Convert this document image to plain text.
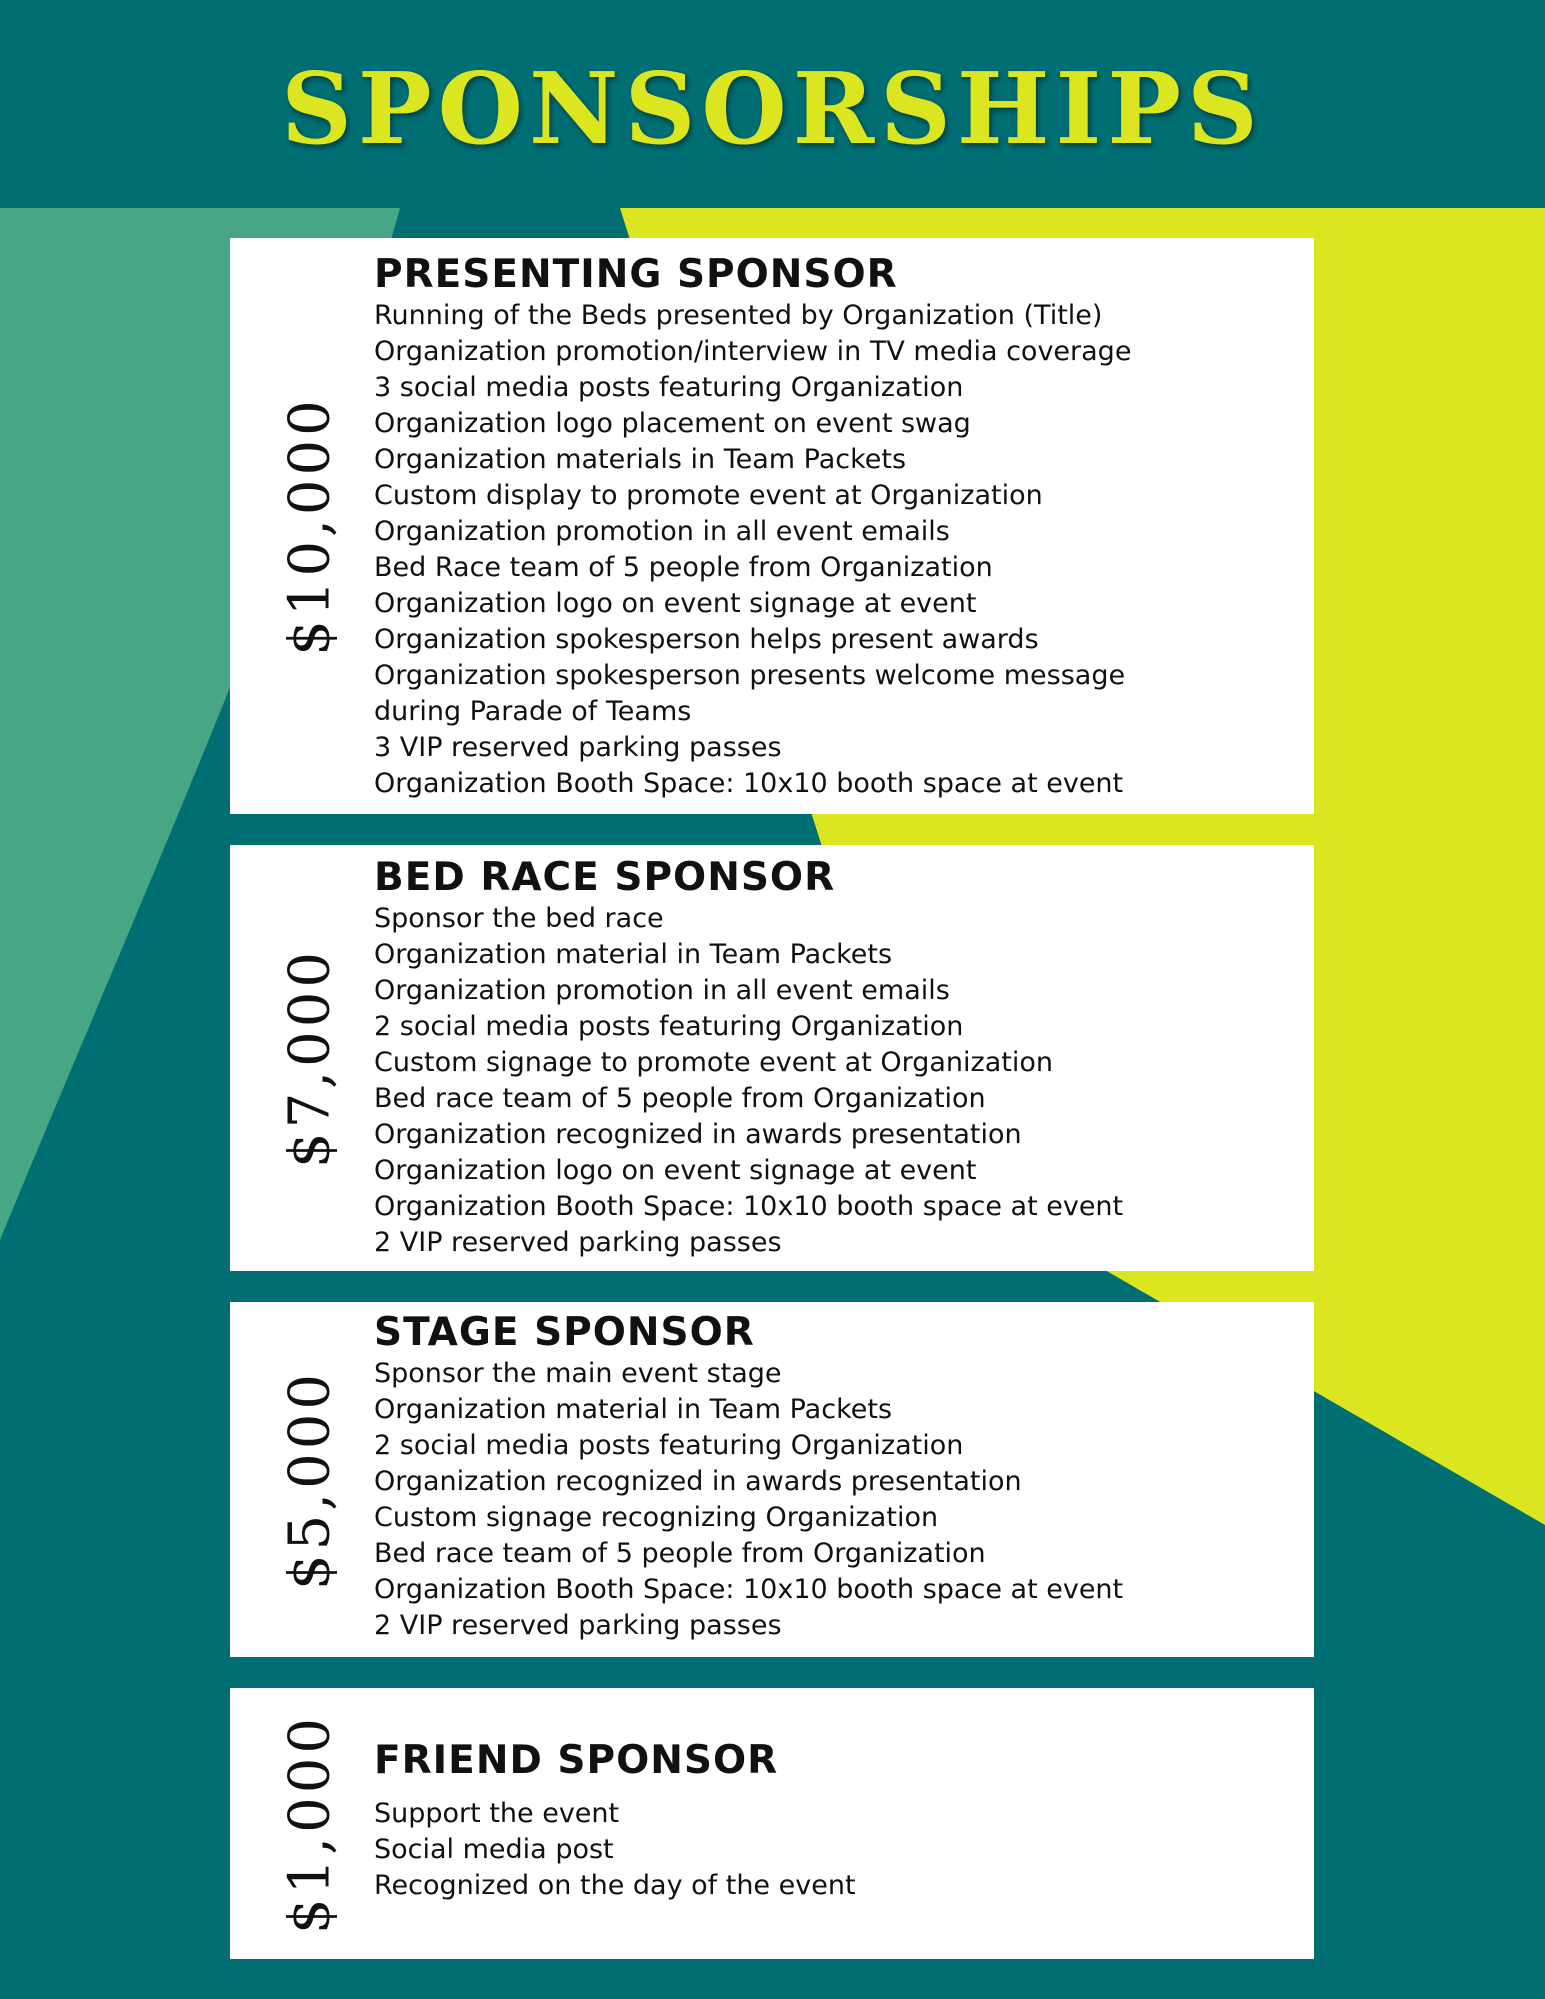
SPONSORSHIPS
$10,000
PRESENTING SPONSOR
Running of the Beds presented by Organization (Title)
Organization promotion/interview in TV media coverage
3 social media posts featuring Organization
Organization logo placement on event swag
Organization materials in Team Packets
Custom display to promote event at Organization
Organization promotion in all event emails
Bed Race team of 5 people from Organization
Organization logo on event signage at event
Organization spokesperson helps present awards
Organization spokesperson presents welcome message
during Parade of Teams
3 VIP reserved parking passes
Organization Booth Space: 10x10 booth space at event
$7,000
BED RACE SPONSOR
Sponsor the bed race
Organization material in Team Packets
Organization promotion in all event emails
2 social media posts featuring Organization
Custom signage to promote event at Organization
Bed race team of 5 people from Organization
Organization recognized in awards presentation
Organization logo on event signage at event
Organization Booth Space: 10x10 booth space at event
2 VIP reserved parking passes
$5,000
STAGE SPONSOR
Sponsor the main event stage
Organization material in Team Packets
2 social media posts featuring Organization
Organization recognized in awards presentation
Custom signage recognizing Organization
Bed race team of 5 people from Organization
Organization Booth Space: 10x10 booth space at event
2 VIP reserved parking passes
$1,000 FRIEND SPONSOR
Support the event
Social media post
Recognized on the day of the event
